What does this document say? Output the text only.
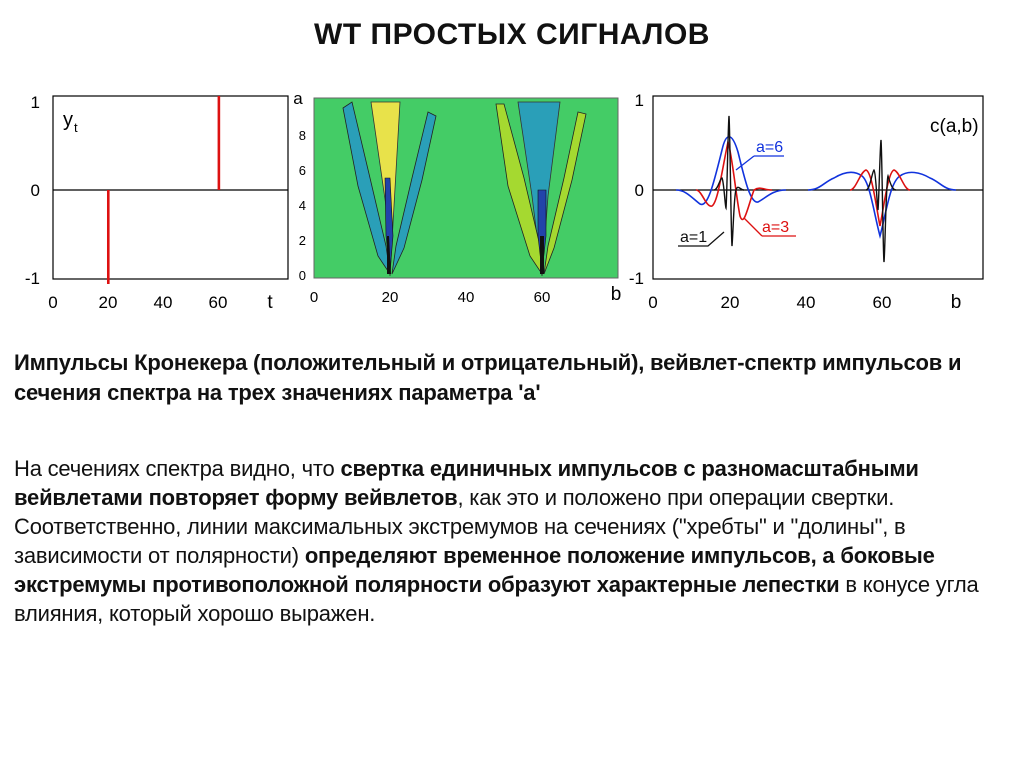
WT ПРОСТЫХ СИГНАЛОВ
y t
1
0
-1
0 20 40 60 t
a
0
2
4
6
8
0	20	40	60	b
c(a,b)
a=6
a=3
a=1
1
0
-1
0	20	40	60	b
Импульсы Кронекера (положительный и отрицательный), вейвлет-спектр импульсов и сечения спектра на трех значениях параметра 'а'

На сечениях спектра видно, что свертка единичных импульсов с разномасштабными вейвлетами повторяет форму вейвлетов, как это и положено при операции свертки.

Соответственно, линии максимальных экстремумов на сечениях ("хребты" и "долины", в зависимости от полярности) определяют временное положение импульсов, а боковые экстремумы противоположной полярности образуют характерные лепестки в конусе угла влияния, который хорошо выражен.
